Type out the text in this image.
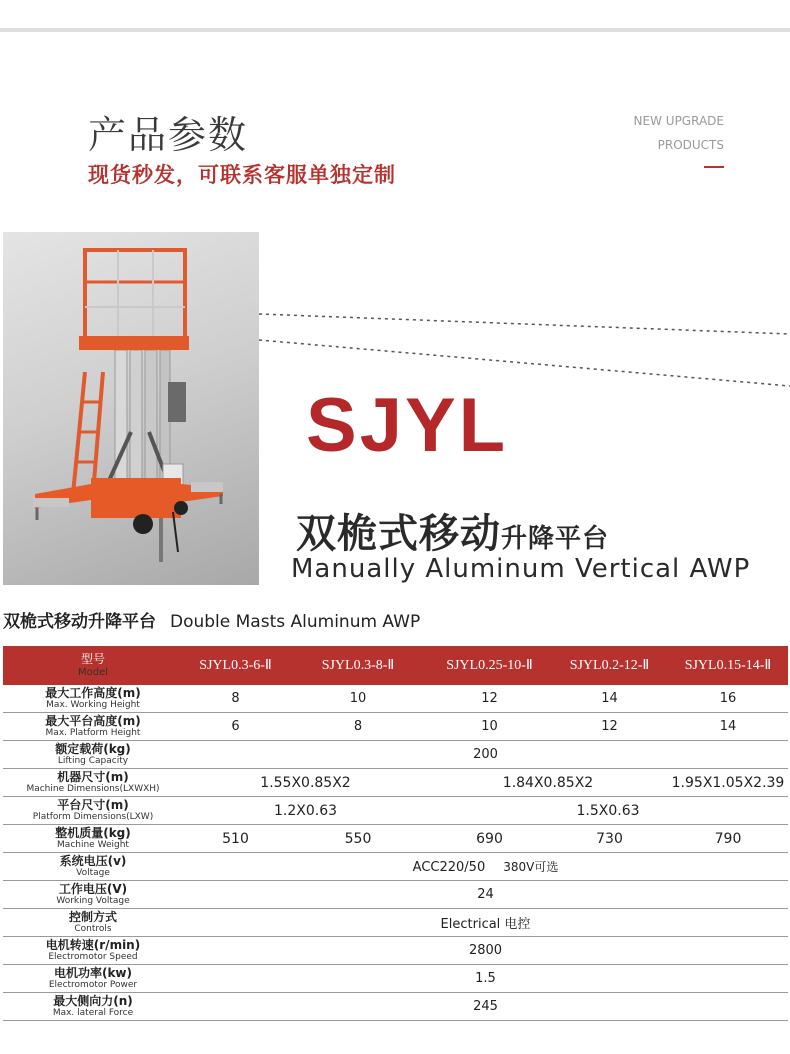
产品参数
现货秒发，可联系客服单独定制
NEW UPGRADE
PRODUCTS
SJYL
双桅式移动升降平台
Manually Aluminum Vertical AWP
双桅式移动升降平台 Double Masts Aluminum AWP
型号
Model	SJYL0.3-6-Ⅱ	SJYL0.3-8-Ⅱ	SJYL0.25-10-Ⅱ	SJYL0.2-12-Ⅱ	SJYL0.15-14-Ⅱ

最大工作高度(m)
Max. Working Height	8	10	12	14	16

最大平台高度(m)
Max. Platform Height	6	8	10	12	14

额定载荷(kg)
Lifting Capacity	200				

机器尺寸(m)
Machine Dimensions(LXWXH)	1.55X0.85X2		1.84X0.85X2		1.95X1.05X2.39

平台尺寸(m)
Platform Dimensions(LXW)	1.2X0.63		1.5X0.63		

整机质量(kg)
Machine Weight	510	550	690	730	790

系统电压(v)
Voltage	ACC220/50 380V可选				

工作电压(V)
Working Voltage	24				

控制方式
Controls	Electrical 电控				

电机转速(r/min)
Electromotor Speed	2800				

电机功率(kw)
Electromotor Power	1.5				

最大侧向力(n)
Max. lateral Force	245				
